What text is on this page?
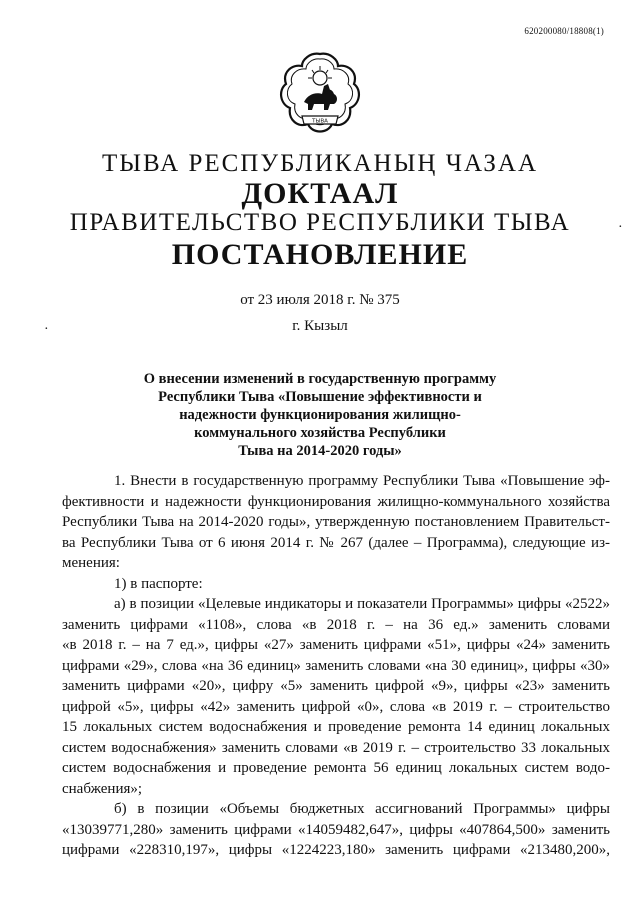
620200080/18808(1)
ТЫВА
ТЫВА РЕСПУБЛИКАНЫҢ ЧАЗАА
ДОКТААЛ
ПРАВИТЕЛЬСТВО РЕСПУБЛИКИ ТЫВА
ПОСТАНОВЛЕНИЕ
от 23 июля 2018 г. № 375
г. Кызыл
О внесении изменений в государственную программу
Республики Тыва «Повышение эффективности и
надежности функционирования жилищно-
коммунального хозяйства Республики
Тыва на 2014-2020 годы»
1. Внести в государственную программу Республики Тыва «Повышение эф-
фективности и надежности функционирования жилищно-коммунального хозяйства
Республики Тыва на 2014-2020 годы», утвержденную постановлением Правительст-
ва Республики Тыва от 6 июня 2014 г. № 267 (далее – Программа), следующие из-
менения:
1) в паспорте:
а) в позиции «Целевые индикаторы и показатели Программы» цифры «2522»
заменить цифрами «1108», слова «в 2018 г. – на 36 ед.» заменить словами
«в 2018 г. – на 7 ед.», цифры «27» заменить цифрами «51», цифры «24» заменить
цифрами «29», слова «на 36 единиц» заменить словами «на 30 единиц», цифры «30»
заменить цифрами «20», цифру «5» заменить цифрой «9», цифры «23» заменить
цифрой «5», цифры «42» заменить цифрой «0», слова «в 2019 г. – строительство
15 локальных систем водоснабжения и проведение ремонта 14 единиц локальных
систем водоснабжения» заменить словами «в 2019 г. – строительство 33 локальных
систем водоснабжения и проведение ремонта 56 единиц локальных систем водо-
снабжения»;
б) в позиции «Объемы бюджетных ассигнований Программы» цифры
«13039771,280» заменить цифрами «14059482,647», цифры «407864,500» заменить
цифрами «228310,197», цифры «1224223,180» заменить цифрами «213480,200»,
·
·
